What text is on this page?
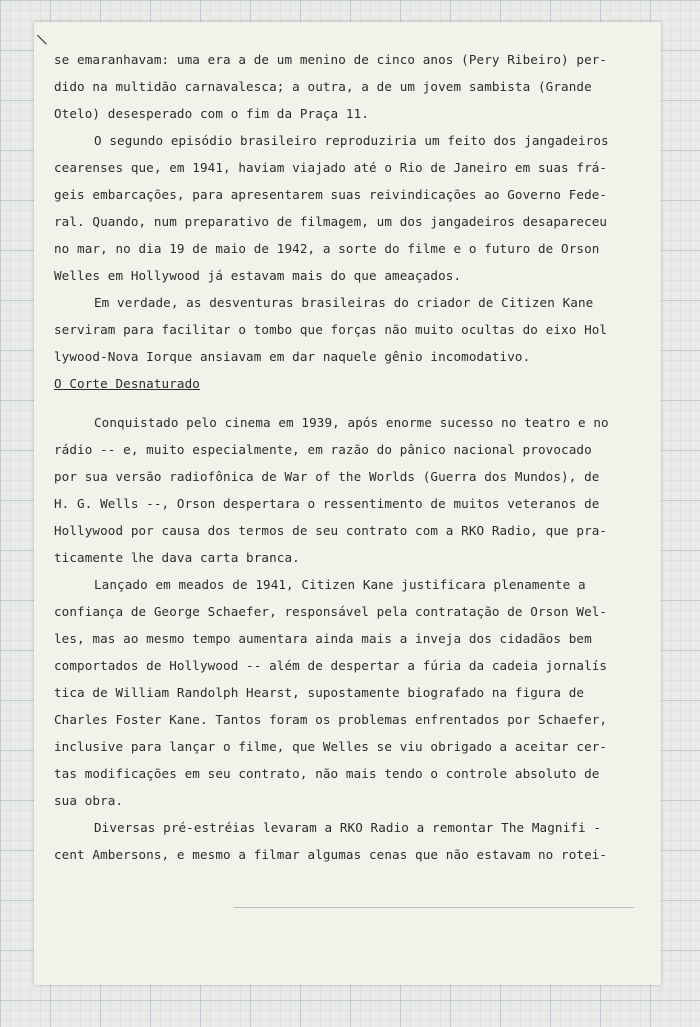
\
se emaranhavam: uma era a de um menino de cinco anos (Pery Ribeiro) per-
dido na multidão carnavalesca; a outra, a de um jovem sambista (Grande
Otelo) desesperado com o fim da Praça 11.
O segundo episódio brasileiro reproduziria um feito dos jangadeiros
cearenses que, em 1941, haviam viajado até o Rio de Janeiro em suas frá-
geis embarcações, para apresentarem suas reivindicações ao Governo Fede-
ral. Quando, num preparativo de filmagem, um dos jangadeiros desapareceu
no mar, no dia 19 de maio de 1942, a sorte do filme e o futuro de Orson
Welles em Hollywood já estavam mais do que ameaçados.
Em verdade, as desventuras brasileiras do criador de Citizen Kane
serviram para facilitar o tombo que forças não muito ocultas do eixo Hol
lywood-Nova Iorque ansiavam em dar naquele gênio incomodativo.
O Corte Desnaturado
Conquistado pelo cinema em 1939, após enorme sucesso no teatro e no
rádio -- e, muito especialmente, em razão do pânico nacional provocado
por sua versão radiofônica de War of the Worlds (Guerra dos Mundos), de
H. G. Wells --, Orson despertara o ressentimento de muitos veteranos de
Hollywood por causa dos termos de seu contrato com a RKO Radio, que pra-
ticamente lhe dava carta branca.
Lançado em meados de 1941, Citizen Kane justificara plenamente a
confiança de George Schaefer, responsável pela contratação de Orson Wel-
les, mas ao mesmo tempo aumentara ainda mais a inveja dos cidadãos bem
comportados de Hollywood -- além de despertar a fúria da cadeia jornalís
tica de William Randolph Hearst, supostamente biografado na figura de
Charles Foster Kane. Tantos foram os problemas enfrentados por Schaefer,
inclusive para lançar o filme, que Welles se viu obrigado a aceitar cer-
tas modificações em seu contrato, não mais tendo o controle absoluto de
sua obra.
Diversas pré-estréias levaram a RKO Radio a remontar The Magnifi -
cent Ambersons, e mesmo a filmar algumas cenas que não estavam no rotei-
